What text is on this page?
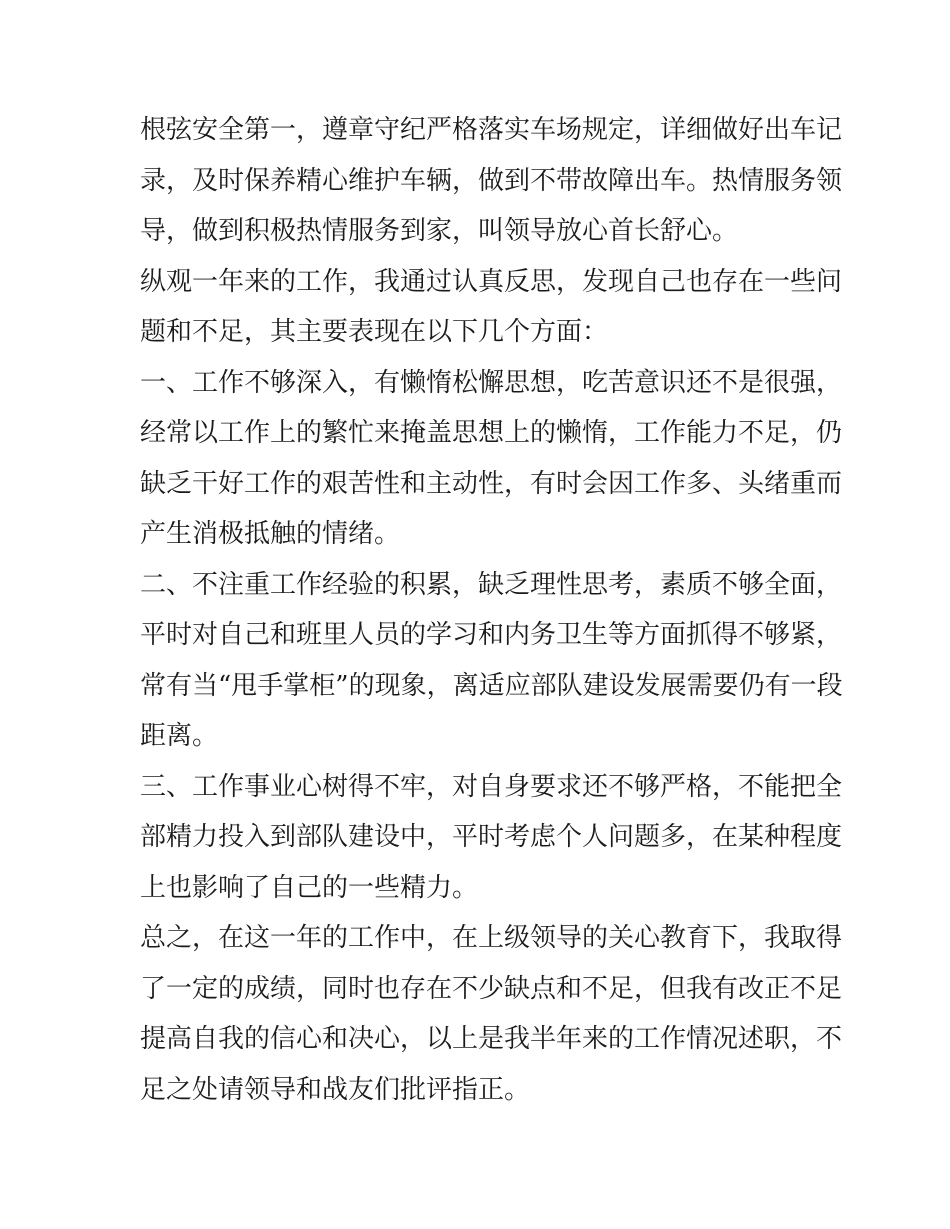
根弦安全第一，遵章守纪严格落实车场规定，详细做好出车记
录，及时保养精心维护车辆，做到不带故障出车。热情服务领
导，做到积极热情服务到家，叫领导放心首长舒心。
纵观一年来的工作，我通过认真反思，发现自己也存在一些问
题和不足，其主要表现在以下几个方面：
一、工作不够深入，有懒惰松懈思想，吃苦意识还不是很强，
经常以工作上的繁忙来掩盖思想上的懒惰，工作能力不足，仍
缺乏干好工作的艰苦性和主动性，有时会因工作多、头绪重而
产生消极抵触的情绪。
二、不注重工作经验的积累，缺乏理性思考，素质不够全面，
平时对自己和班里人员的学习和内务卫生等方面抓得不够紧，
常有当“甩手掌柜”的现象，离适应部队建设发展需要仍有一段
距离。
三、工作事业心树得不牢，对自身要求还不够严格，不能把全
部精力投入到部队建设中，平时考虑个人问题多，在某种程度
上也影响了自己的一些精力。
总之，在这一年的工作中，在上级领导的关心教育下，我取得
了一定的成绩，同时也存在不少缺点和不足，但我有改正不足
提高自我的信心和决心，以上是我半年来的工作情况述职，不
足之处请领导和战友们批评指正。
